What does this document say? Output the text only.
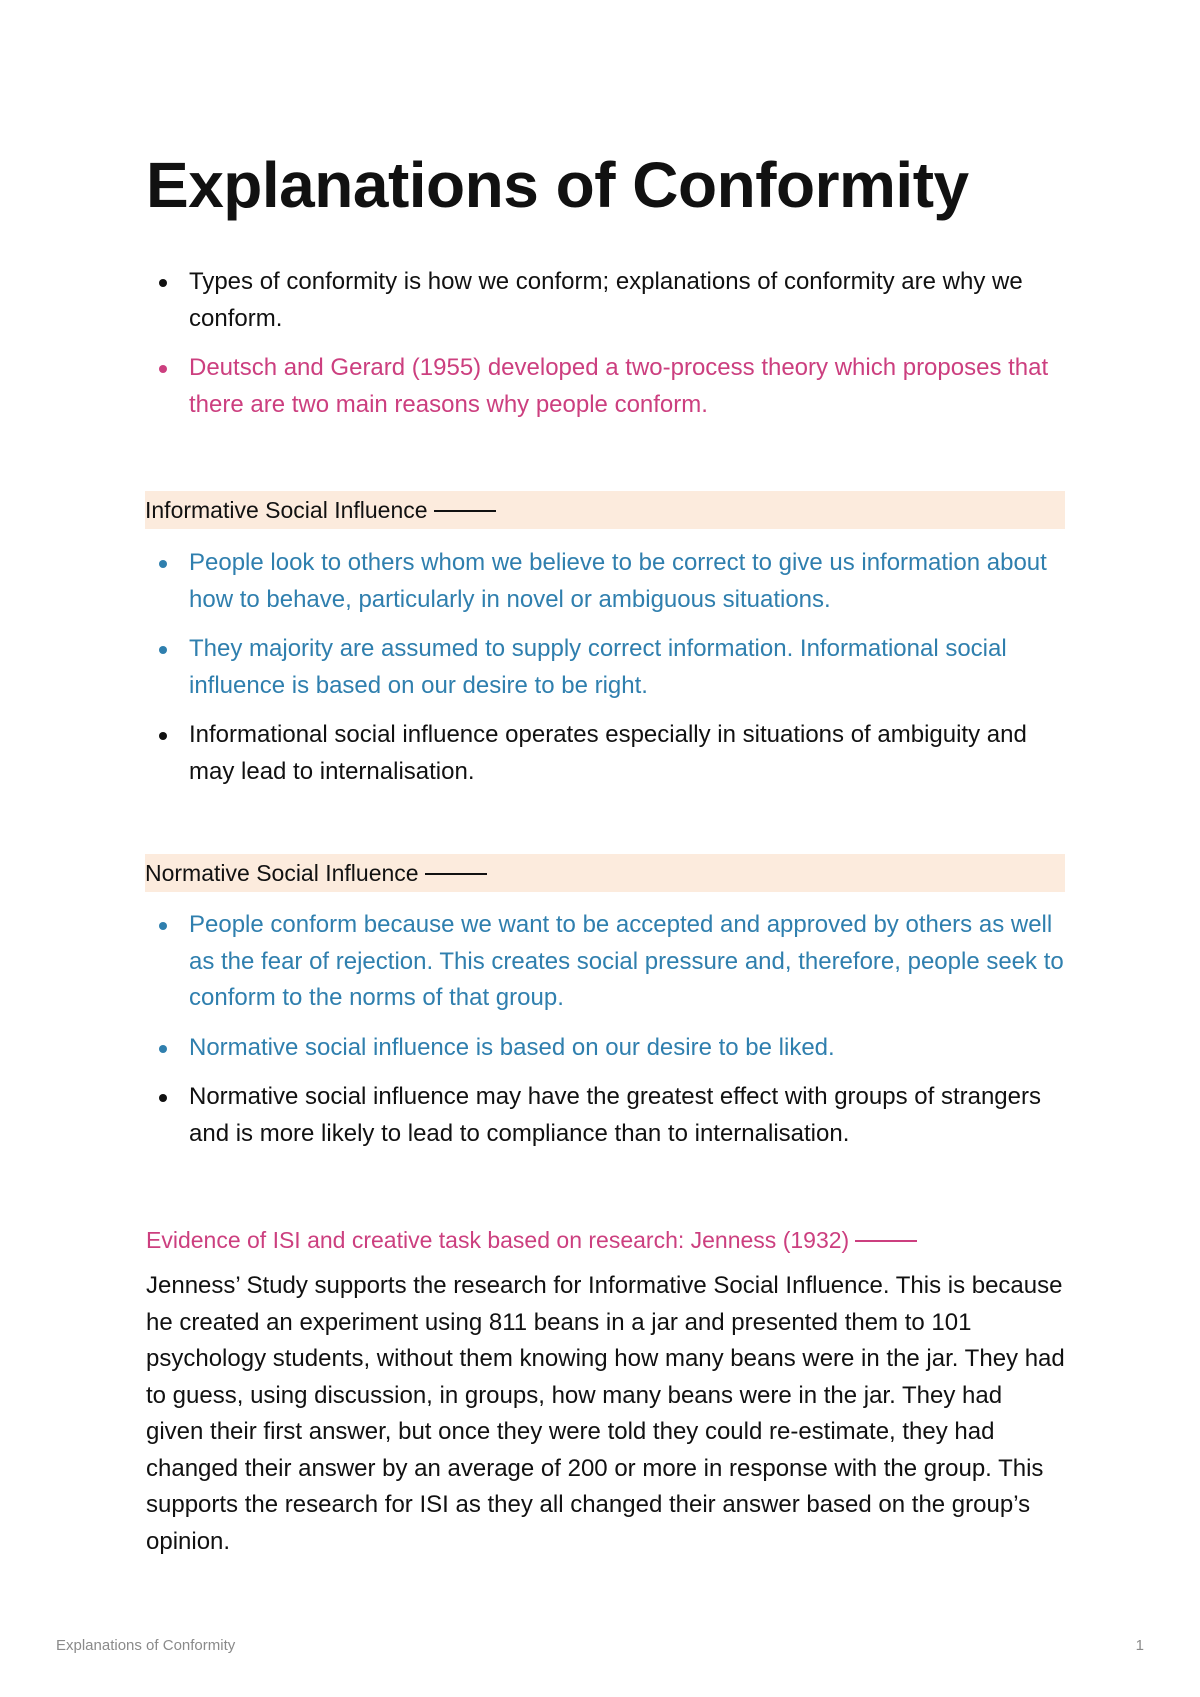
Explanations of Conformity
Types of conformity is how we conform; explanations of conformity are why we conform.
Deutsch and Gerard (1955) developed a two-process theory which proposes that there are two main reasons why people conform.
Informative Social Influence
People look to others whom we believe to be correct to give us information about how to behave, particularly in novel or ambiguous situations.
They majority are assumed to supply correct information. Informational social influence is based on our desire to be right.
Informational social influence operates especially in situations of ambiguity and may lead to internalisation.
Normative Social Influence
People conform because we want to be accepted and approved by others as well as the fear of rejection. This creates social pressure and, therefore, people seek to conform to the norms of that group.
Normative social influence is based on our desire to be liked.
Normative social influence may have the greatest effect with groups of strangers and is more likely to lead to compliance than to internalisation.
Evidence of ISI and creative task based on research: Jenness (1932)

Jenness’ Study supports the research for Informative Social Influence. This is because he created an experiment using 811 beans in a jar and presented them to 101 psychology students, without them knowing how many beans were in the jar. They had to guess, using discussion, in groups, how many beans were in the jar. They had given their first answer, but once they were told they could re-estimate, they had changed their answer by an average of 200 or more in response with the group. This supports the research for ISI as they all changed their answer based on the group’s opinion.

Explanations of Conformity	1
